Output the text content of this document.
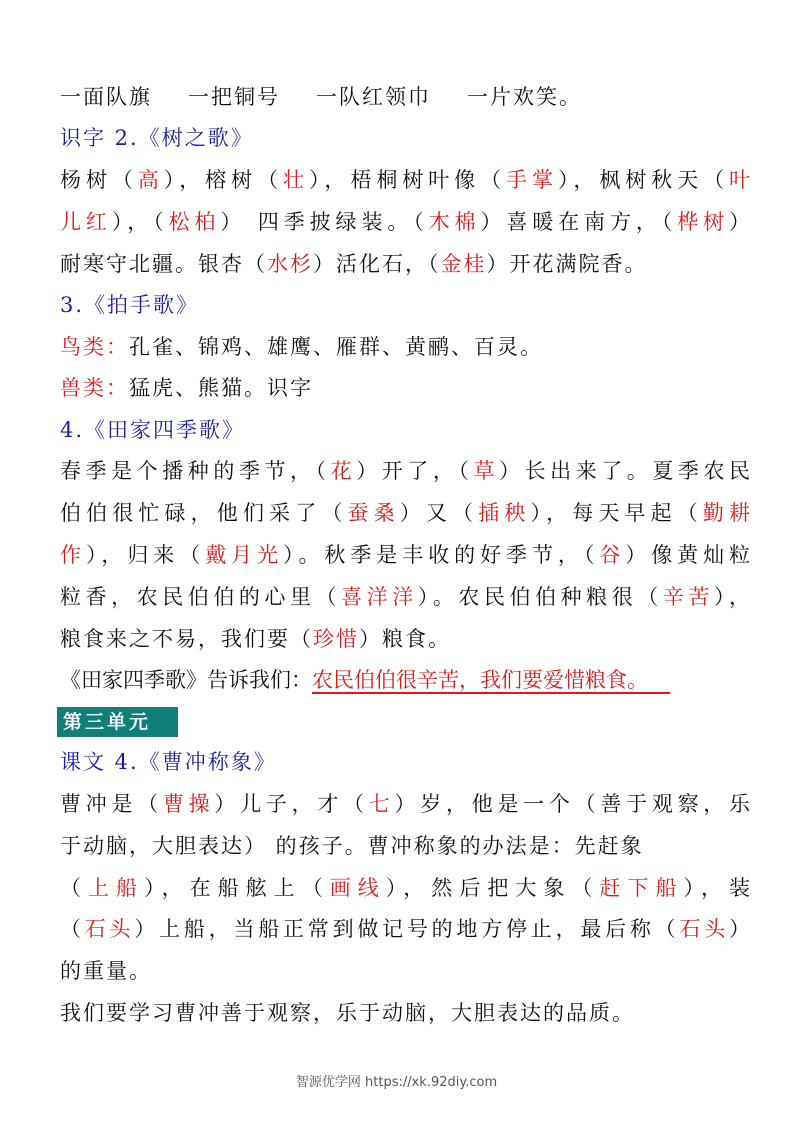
一面队旗 一把铜号 一队红领巾 一片欢笑。
识字 2.《树之歌》
杨树（高），榕树（壮），梧桐树叶像（手掌），枫树秋天（叶
儿红），（松柏） 四季披绿装。（木棉）喜暖在南方，（桦树）
耐寒守北疆。银杏（水杉）活化石，（金桂）开花满院香。
3.《拍手歌》
鸟类：孔雀、锦鸡、雄鹰、雁群、黄鹂、百灵。
兽类：猛虎、熊猫。识字
4.《田家四季歌》
春季是个播种的季节，（花）开了，（草）长出来了。夏季农民
伯伯很忙碌，他们采了（蚕桑）又（插秧），每天早起（勤耕
作），归来（戴月光）。秋季是丰收的好季节，（谷）像黄灿粒
粒香，农民伯伯的心里（喜洋洋）。农民伯伯种粮很（辛苦），
粮食来之不易，我们要（珍惜）粮食。
《田家四季歌》告诉我们：农民伯伯很辛苦，我们要爱惜粮食。
第三单元
课文 4.《曹冲称象》
曹冲是（曹操）儿子，才（七）岁，他是一个（善于观察，乐
于动脑，大胆表达） 的孩子。曹冲称象的办法是：先赶象
（上船），在船舷上（画线），然后把大象（赶下船），装
（石头）上船，当船正常到做记号的地方停止，最后称（石头）
的重量。
我们要学习曹冲善于观察，乐于动脑，大胆表达的品质。
智源优学网 https://xk.92diy.com
